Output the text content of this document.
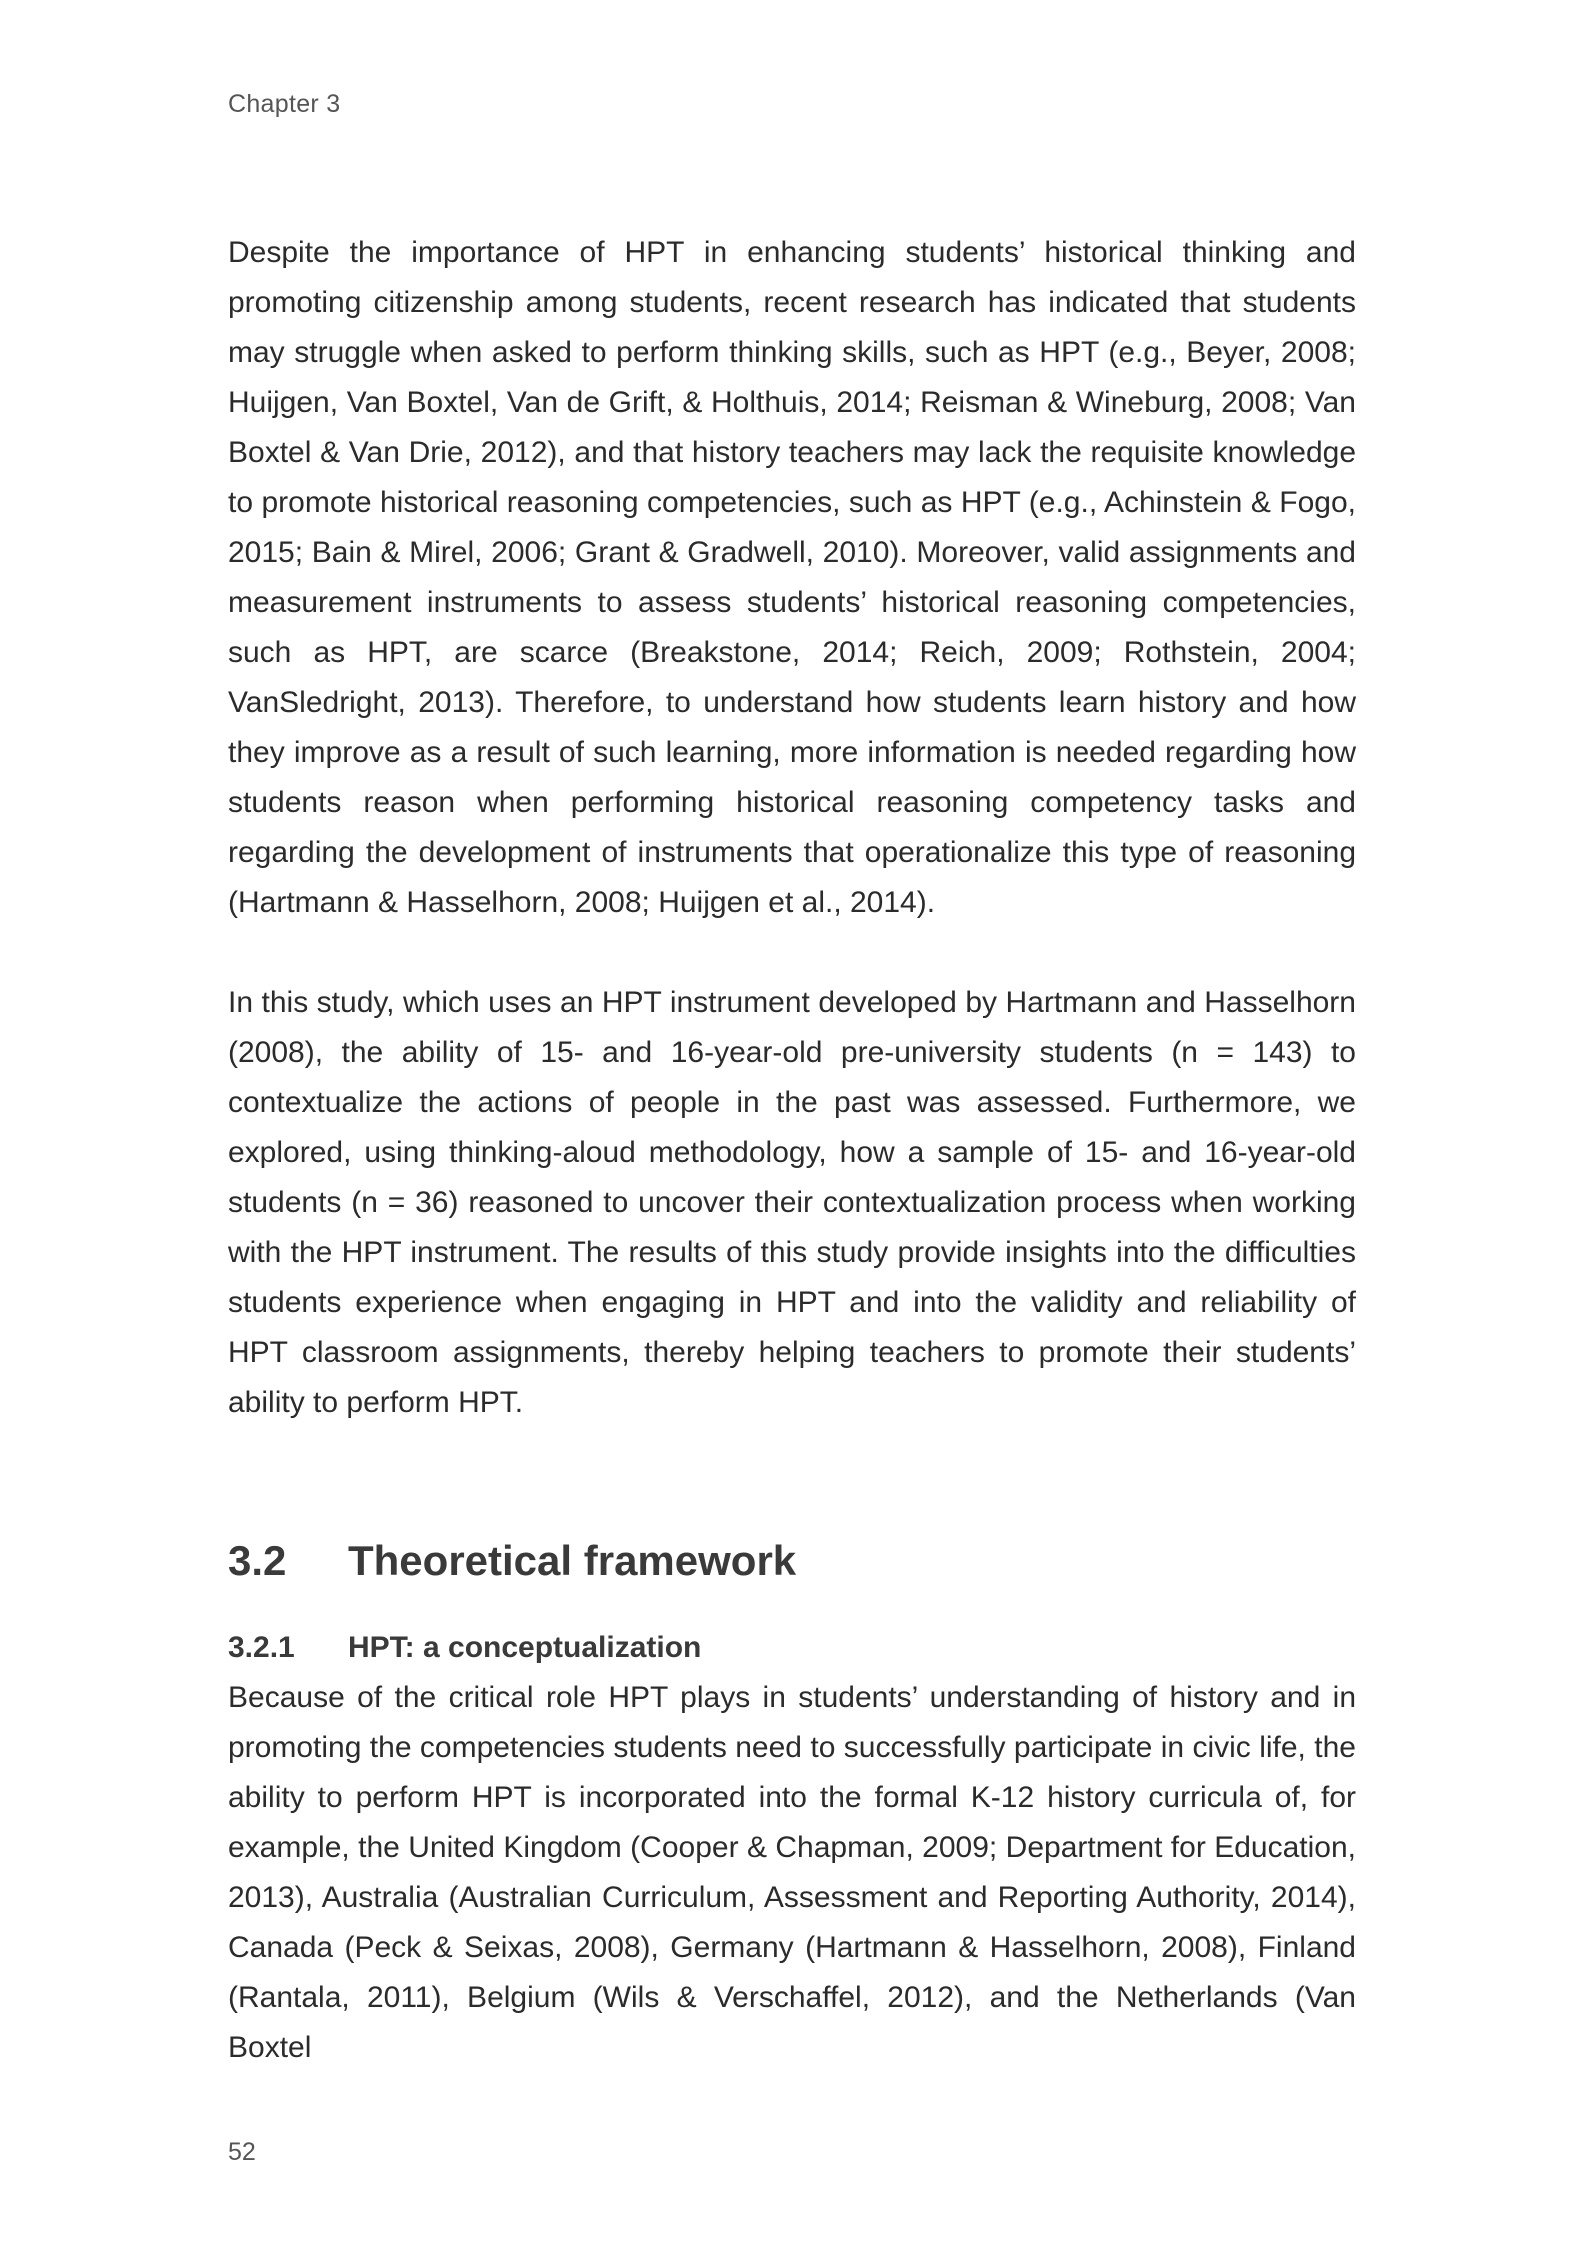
Chapter 3

Despite the importance of HPT in enhancing students’ historical thinking and promoting citizenship among students, recent research has indicated that students may struggle when asked to perform thinking skills, such as HPT (e.g., Beyer, 2008; Huijgen, Van Boxtel, Van de Grift, & Holthuis, 2014; Reisman & Wineburg, 2008; Van Boxtel & Van Drie, 2012), and that history teachers may lack the requisite knowledge to promote historical reasoning competencies, such as HPT (e.g., Achinstein & Fogo, 2015; Bain & Mirel, 2006; Grant & Gradwell, 2010). Moreover, valid assignments and measurement instruments to assess students’ historical reasoning competencies, such as HPT, are scarce (Breakstone, 2014; Reich, 2009; Rothstein, 2004; VanSledright, 2013). Therefore, to understand how students learn history and how they improve as a result of such learning, more information is needed regarding how students reason when performing historical reasoning competency tasks and regarding the development of instruments that operationalize this type of reasoning (Hartmann & Hasselhorn, 2008; Huijgen et al., 2014).

In this study, which uses an HPT instrument developed by Hartmann and Hasselhorn (2008), the ability of 15- and 16-year-old pre-university students (n = 143) to contextualize the actions of people in the past was assessed. Furthermore, we explored, using thinking-aloud methodology, how a sample of 15- and 16-year-old students (n = 36) reasoned to uncover their contextualization process when working with the HPT instrument. The results of this study provide insights into the difficulties students experience when engaging in HPT and into the validity and reliability of HPT classroom assignments, thereby helping teachers to promote their students’ ability to perform HPT.

3.2	Theoretical framework
3.2.1	HPT: a conceptualization

Because of the critical role HPT plays in students’ understanding of history and in promoting the competencies students need to successfully participate in civic life, the ability to perform HPT is incorporated into the formal K-12 history curricula of, for example, the United Kingdom (Cooper & Chapman, 2009; Department for Education, 2013), Australia (Australian Curriculum, Assessment and Reporting Authority, 2014), Canada (Peck & Seixas, 2008), Germany (Hartmann & Hasselhorn, 2008), Finland (Rantala, 2011), Belgium (Wils & Verschaffel, 2012), and the Netherlands (Van Boxtel

52
